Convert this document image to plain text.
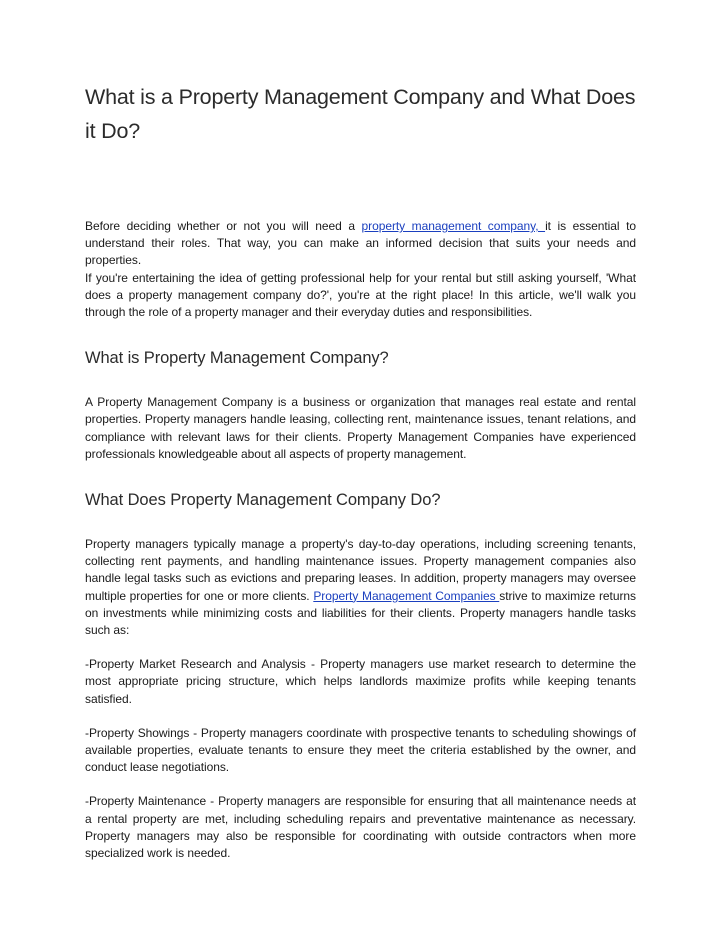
What is a Property Management Company and What Does it Do?

Before deciding whether or not you will need a property management company, it is essential to understand their roles. That way, you can make an informed decision that suits your needs and properties.

If you're entertaining the idea of getting professional help for your rental but still asking yourself, 'What does a property management company do?', you're at the right place! In this article, we'll walk you through the role of a property manager and their everyday duties and responsibilities.

What is Property Management Company?

A Property Management Company is a business or organization that manages real estate and rental properties. Property managers handle leasing, collecting rent, maintenance issues, tenant relations, and compliance with relevant laws for their clients. Property Management Companies have experienced professionals knowledgeable about all aspects of property management.

What Does Property Management Company Do?

Property managers typically manage a property's day-to-day operations, including screening tenants, collecting rent payments, and handling maintenance issues. Property management companies also handle legal tasks such as evictions and preparing leases. In addition, property managers may oversee multiple properties for one or more clients. Property Management Companies strive to maximize returns on investments while minimizing costs and liabilities for their clients. Property managers handle tasks such as:

-Property Market Research and Analysis - Property managers use market research to determine the most appropriate pricing structure, which helps landlords maximize profits while keeping tenants satisfied.

-Property Showings - Property managers coordinate with prospective tenants to scheduling showings of available properties, evaluate tenants to ensure they meet the criteria established by the owner, and conduct lease negotiations.

-Property Maintenance - Property managers are responsible for ensuring that all maintenance needs at a rental property are met, including scheduling repairs and preventative maintenance as necessary. Property managers may also be responsible for coordinating with outside contractors when more specialized work is needed.
